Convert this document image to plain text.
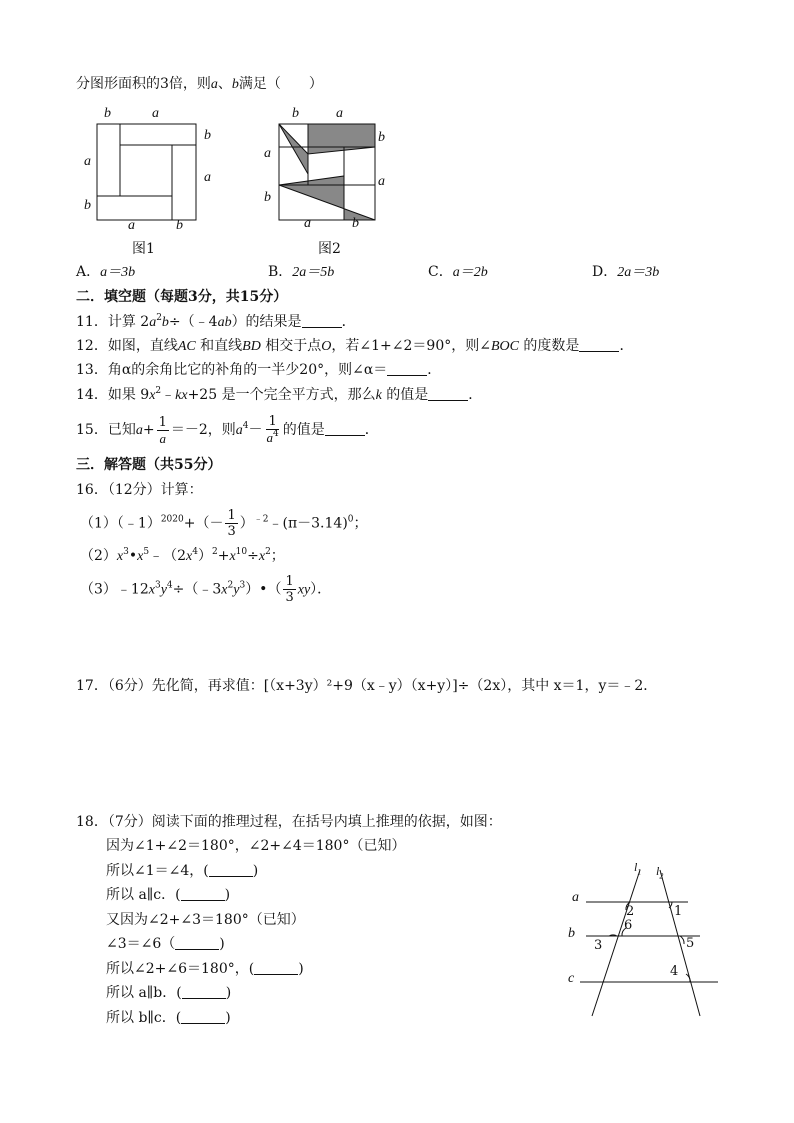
分图形面积的3倍，则a、b满足（　　）
b	a
b
a
a
b
a	b
图1
b	a
b
a
a
b
a	b
图2
A．a＝3b	B．2a＝5b	C．a＝2b	D．2a＝3b
二．填空题（每题3分，共15分）
11．计算 $2a^2b\div(﹣4ab)$的结果是	．
12．如图，直线AC 和直线BD 相交于点O，若∠1+∠2＝90°，则∠BOC 的度数是	．
13．角α的余角比它的补角的一半少20°，则∠α＝	．
14．如果 $9x^2﹣kx+25$ 是一个完全平方式，那么k 的值是	．
15．已知$a+ \frac{1}{a} =-2$，则$a^4- \frac{1}{a^4}$ 的值是	．
三．解答题（共55分）
16．（12分）计算：
（1）（﹣1）$^{2020}$+（－ $\frac{1}{3}$ ）$^{﹣2}﹣(\pi-3.14)^0$；
$(2)x^3•x^5﹣(2x^4)^2+x^{10}\div x^2$；
$(3)﹣12x^3y^4\div(﹣3x^2y^3)•( \frac{1}{3} xy)$．
17．（6分）先化简，再求值：[（x+3y）²+9（x﹣y）（x+y）]÷（2x），其中 x＝1，y＝﹣2．
18．（7分）阅读下面的推理过程，在括号内填上推理的依据，如图：
因为∠1+∠2＝180°，∠2+∠4＝180°（已知）
所以∠1＝∠4，(	)
所以 a∥c．(	)
又因为∠2+∠3＝180°（已知）
∠3＝∠6（	)
所以∠2+∠6＝180°，(	)
所以 a∥b．(	)
所以 b∥c．(	)
$l_1$ $l_2$
a
b
c
1
2
3
4
5
6
